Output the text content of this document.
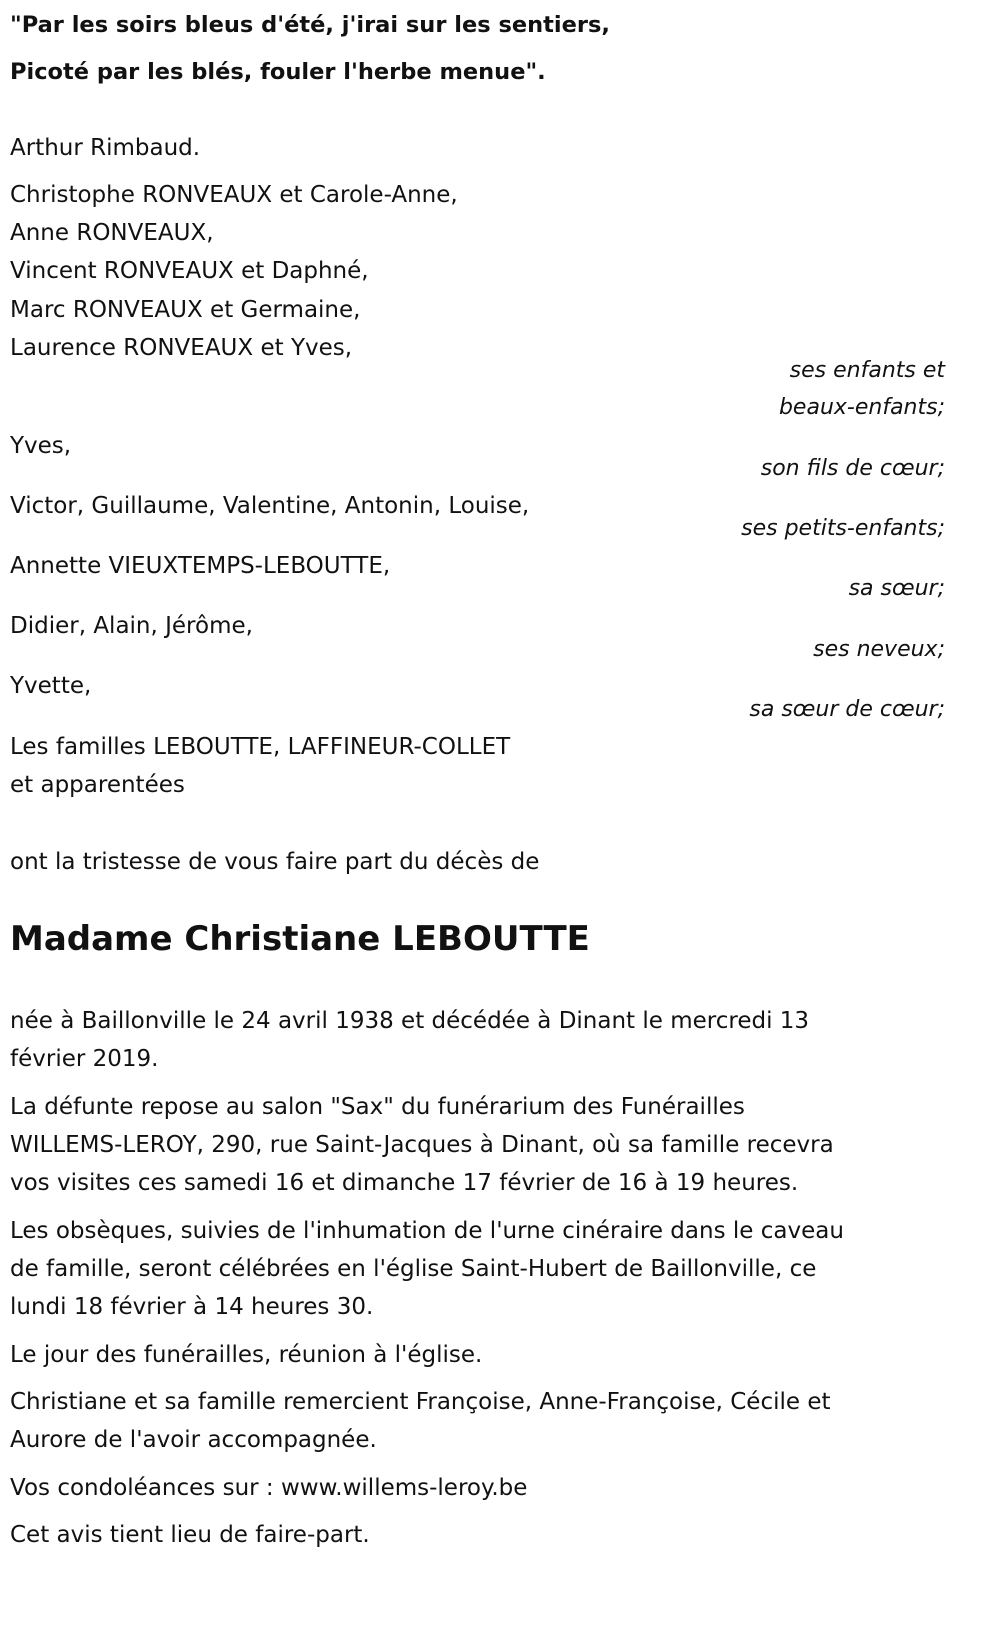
"Par les soirs bleus d'été, j'irai sur les sentiers,
Picoté par les blés, fouler l'herbe menue".
Arthur Rimbaud.
Christophe RONVEAUX et Carole-Anne,
Anne RONVEAUX,
Vincent RONVEAUX et Daphné,
Marc RONVEAUX et Germaine,
Laurence RONVEAUX et Yves,
ses enfants et
beaux-enfants;
Yves,
son fils de cœur;
Victor, Guillaume, Valentine, Antonin, Louise,
ses petits-enfants;
Annette VIEUXTEMPS-LEBOUTTE,
sa sœur;
Didier, Alain, Jérôme,
ses neveux;
Yvette,
sa sœur de cœur;
Les familles LEBOUTTE, LAFFINEUR-COLLET
et apparentées
ont la tristesse de vous faire part du décès de
Madame Christiane LEBOUTTE
née à Baillonville le 24 avril 1938 et décédée à Dinant le mercredi 13
février 2019.
La défunte repose au salon "Sax" du funérarium des Funérailles
WILLEMS-LEROY, 290, rue Saint-Jacques à Dinant, où sa famille recevra
vos visites ces samedi 16 et dimanche 17 février de 16 à 19 heures.
Les obsèques, suivies de l'inhumation de l'urne cinéraire dans le caveau
de famille, seront célébrées en l'église Saint-Hubert de Baillonville, ce
lundi 18 février à 14 heures 30.
Le jour des funérailles, réunion à l'église.
Christiane et sa famille remercient Françoise, Anne-Françoise, Cécile et
Aurore de l'avoir accompagnée.
Vos condoléances sur : www.willems-leroy.be
Cet avis tient lieu de faire-part.
